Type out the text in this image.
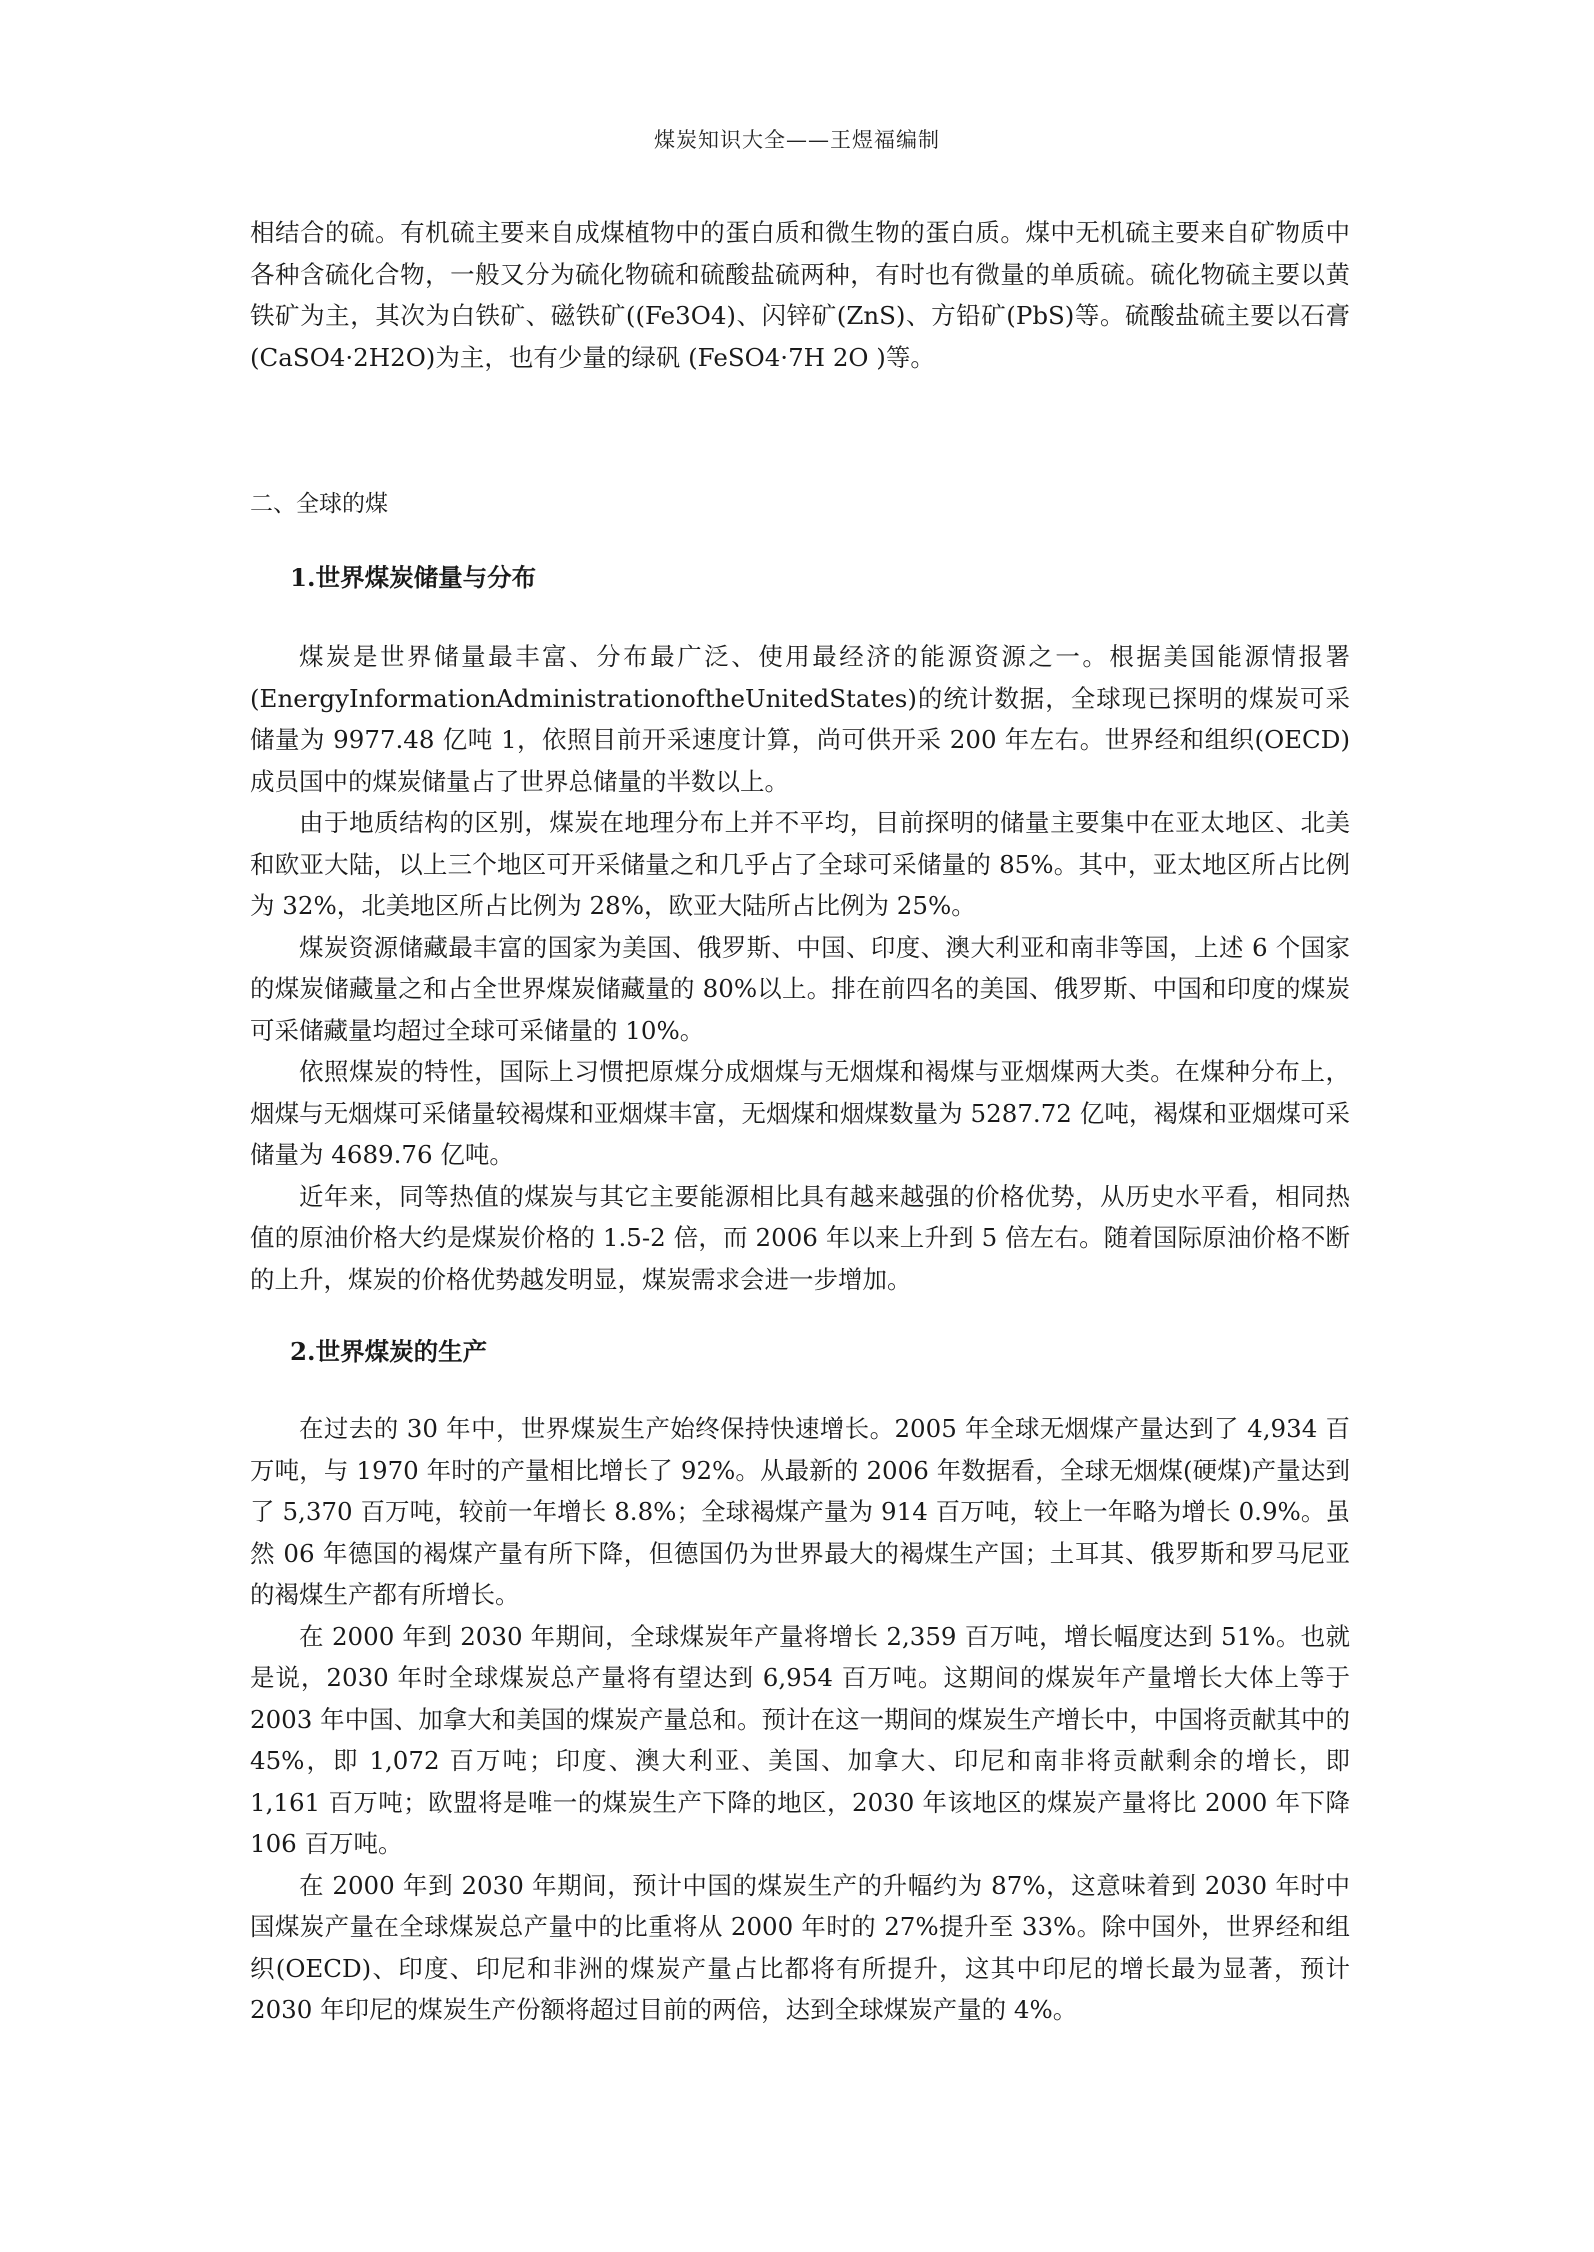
煤炭知识大全——王煜福编制

相结合的硫。有机硫主要来自成煤植物中的蛋白质和微生物的蛋白质。煤中无机硫主要来自矿物质中各种含硫化合物，一般又分为硫化物硫和硫酸盐硫两种，有时也有微量的单质硫。硫化物硫主要以黄铁矿为主，其次为白铁矿、磁铁矿((Fe3O4)、闪锌矿(ZnS)、方铅矿(PbS)等。硫酸盐硫主要以石膏(CaSO4·2H2O)为主，也有少量的绿矾 (FeSO4·7H 2O )等。

二、全球的煤

1.世界煤炭储量与分布

煤炭是世界储量最丰富、分布最广泛、使用最经济的能源资源之一。根据美国能源情报署(EnergyInformationAdministrationoftheUnitedStates)的统计数据，全球现已探明的煤炭可采储量为 9977.48 亿吨 1，依照目前开采速度计算，尚可供开采 200 年左右。世界经和组织(OECD)成员国中的煤炭储量占了世界总储量的半数以上。

由于地质结构的区别，煤炭在地理分布上并不平均，目前探明的储量主要集中在亚太地区、北美和欧亚大陆，以上三个地区可开采储量之和几乎占了全球可采储量的 85%。其中，亚太地区所占比例为 32%，北美地区所占比例为 28%，欧亚大陆所占比例为 25%。

煤炭资源储藏最丰富的国家为美国、俄罗斯、中国、印度、澳大利亚和南非等国，上述 6 个国家的煤炭储藏量之和占全世界煤炭储藏量的 80%以上。排在前四名的美国、俄罗斯、中国和印度的煤炭可采储藏量均超过全球可采储量的 10%。

依照煤炭的特性，国际上习惯把原煤分成烟煤与无烟煤和褐煤与亚烟煤两大类。在煤种分布上，烟煤与无烟煤可采储量较褐煤和亚烟煤丰富，无烟煤和烟煤数量为 5287.72 亿吨，褐煤和亚烟煤可采储量为 4689.76 亿吨。

近年来，同等热值的煤炭与其它主要能源相比具有越来越强的价格优势，从历史水平看，相同热值的原油价格大约是煤炭价格的 1.5-2 倍，而 2006 年以来上升到 5 倍左右。随着国际原油价格不断的上升，煤炭的价格优势越发明显，煤炭需求会进一步增加。

2.世界煤炭的生产

在过去的 30 年中，世界煤炭生产始终保持快速增长。2005 年全球无烟煤产量达到了 4,934 百万吨，与 1970 年时的产量相比增长了 92%。从最新的 2006 年数据看，全球无烟煤(硬煤)产量达到了 5,370 百万吨，较前一年增长 8.8%；全球褐煤产量为 914 百万吨，较上一年略为增长 0.9%。虽然 06 年德国的褐煤产量有所下降，但德国仍为世界最大的褐煤生产国；土耳其、俄罗斯和罗马尼亚的褐煤生产都有所增长。

在 2000 年到 2030 年期间，全球煤炭年产量将增长 2,359 百万吨，增长幅度达到 51%。也就是说，2030 年时全球煤炭总产量将有望达到 6,954 百万吨。这期间的煤炭年产量增长大体上等于 2003 年中国、加拿大和美国的煤炭产量总和。预计在这一期间的煤炭生产增长中，中国将贡献其中的 45%，即 1,072 百万吨；印度、澳大利亚、美国、加拿大、印尼和南非将贡献剩余的增长，即 1,161 百万吨；欧盟将是唯一的煤炭生产下降的地区，2030 年该地区的煤炭产量将比 2000 年下降 106 百万吨。

在 2000 年到 2030 年期间，预计中国的煤炭生产的升幅约为 87%，这意味着到 2030 年时中国煤炭产量在全球煤炭总产量中的比重将从 2000 年时的 27%提升至 33%。除中国外，世界经和组织(OECD)、印度、印尼和非洲的煤炭产量占比都将有所提升，这其中印尼的增长最为显著，预计 2030 年印尼的煤炭生产份额将超过目前的两倍，达到全球煤炭产量的 4%。
